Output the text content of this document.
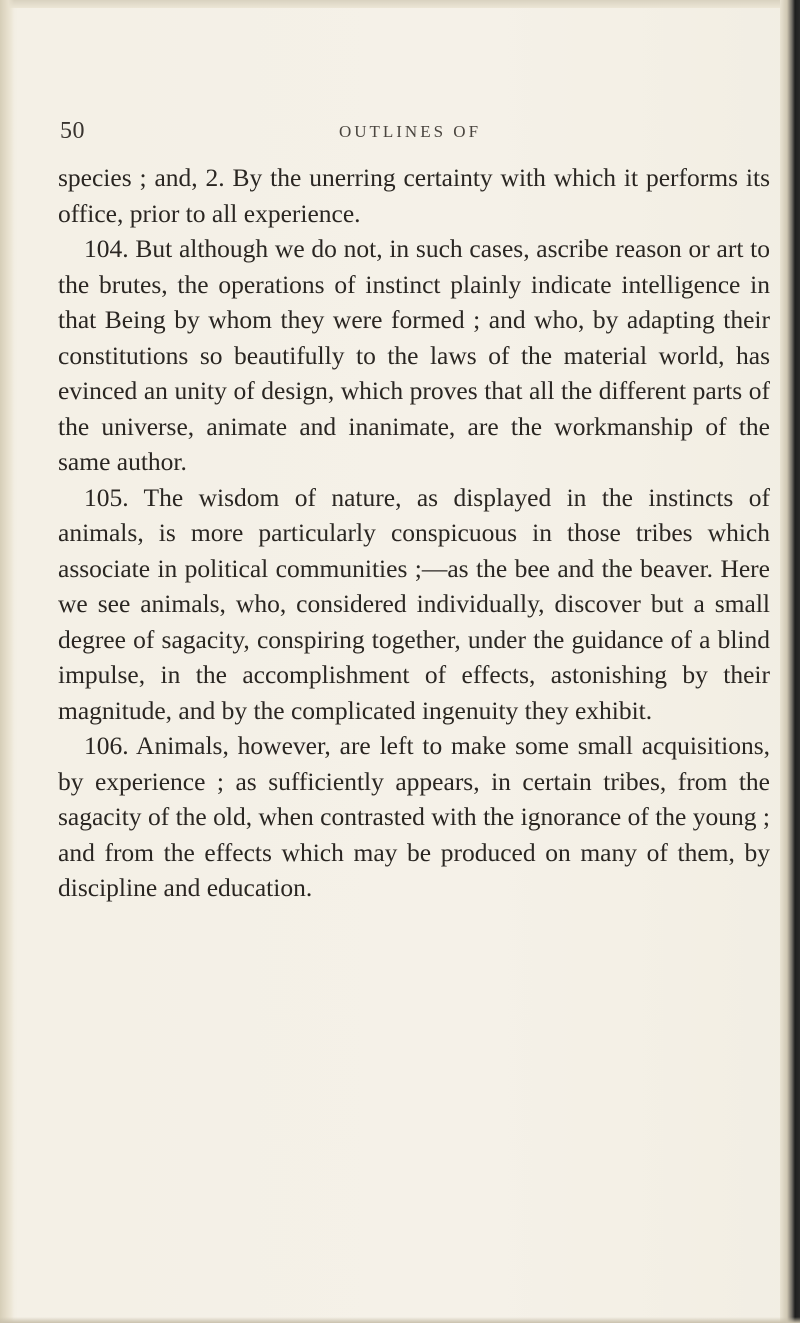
50	OUTLINES OF

species ; and, 2. By the unerring certainty with which it performs its office, prior to all experience.

104. But although we do not, in such cases, ascribe reason or art to the brutes, the operations of instinct plainly indicate intelligence in that Being by whom they were formed ; and who, by adapting their constitutions so beautifully to the laws of the material world, has evinced an unity of design, which proves that all the different parts of the universe, animate and inanimate, are the workmanship of the same author.

105. The wisdom of nature, as displayed in the instincts of animals, is more particularly conspicuous in those tribes which associate in political communities ;—as the bee and the beaver. Here we see animals, who, considered individually, discover but a small degree of sagacity, conspiring together, under the guidance of a blind impulse, in the accomplishment of effects, astonishing by their magnitude, and by the complicated ingenuity they exhibit.

106. Animals, however, are left to make some small acquisitions, by experience ; as sufficiently appears, in certain tribes, from the sagacity of the old, when contrasted with the ignorance of the young ; and from the effects which may be produced on many of them, by discipline and education.
